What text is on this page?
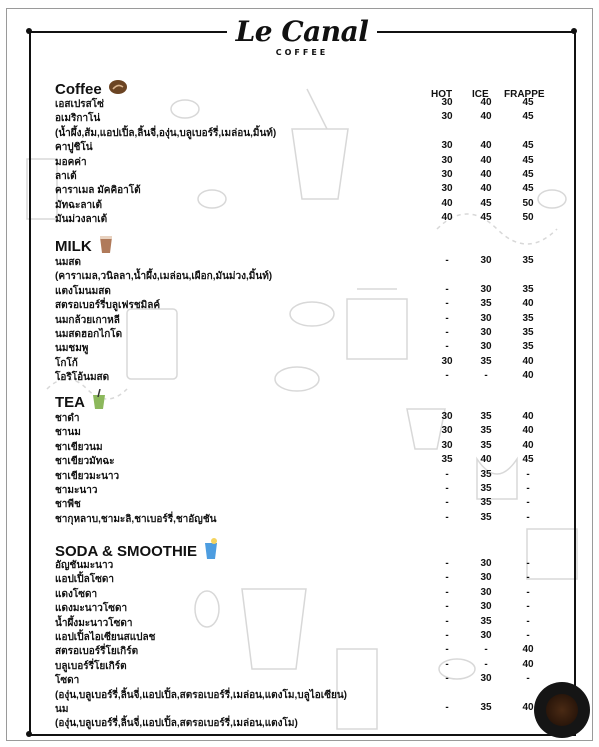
Le Canal
COFFEE
HOT ICE FRAPPE
Coffee
เอสเปรสโซ่	30	40	45
อเมริกาโน่	30	40	45
(น้ำผึ้ง,ส้ม,แอปเปิ้ล,ลิ้นจี่,องุ่น,บลูเบอร์รี่,เมล่อน,มิ้นท์)
คาปูชิโน่	30	40	45
มอคค่า	30	40	45
ลาเต้	30	40	45
คาราเมล มัคคิอาโต้	30	40	45
มัทฉะลาเต้	40	45	50
มันม่วงลาเต้	40	45	50
MILK
นมสด	-	30	35
(คาราเมล,วนิลลา,น้ำผึ้ง,เมล่อน,เผือก,มันม่วง,มิ้นท์)
แตงโมนมสด	-	30	35
สตรอเบอร์รี่บลูเฟรชมิลค์	-	35	40
นมกล้วยเกาหลี	-	30	35
นมสดฮอกไกโด	-	30	35
นมชมพู	-	30	35
โกโก้	30	35	40
โอริโอ้นมสด	-	-	40
TEA
ชาดำ	30	35	40
ชานม	30	35	40
ชาเขียวนม	30	35	40
ชาเขียวมัทฉะ	35	40	45
ชาเขียวมะนาว	-	35	-
ชามะนาว	-	35	-
ชาพีช	-	35	-
ชากุหลาบ,ชามะลิ,ชาเบอร์รี่,ชาอัญชัน	-	35	-
SODA & SMOOTHIE
อัญชันมะนาว	-	30	-
แอปเปิ้ลโซดา	-	30	-
แดงโซดา	-	30	-
แดงมะนาวโซดา	-	30	-
น้ำผึ้งมะนาวโซดา	-	35	-
แอปเปิ้ลไอเซียนสแปลช	-	30	-
สตรอเบอร์รี่โยเกิร์ต	-	-	40
บลูเบอร์รี่โยเกิร์ต	-	-	40
โซดา	-	30	-
(องุ่น,บลูเบอร์รี่,ลิ้นจี่,แอปเปิ้ล,สตรอเบอร์รี่,เมล่อน,แตงโม,บลูไอเซียน)
นม	-	35	40
(องุ่น,บลูเบอร์รี่,ลิ้นจี่,แอปเปิ้ล,สตรอเบอร์รี่,เมล่อน,แตงโม)
